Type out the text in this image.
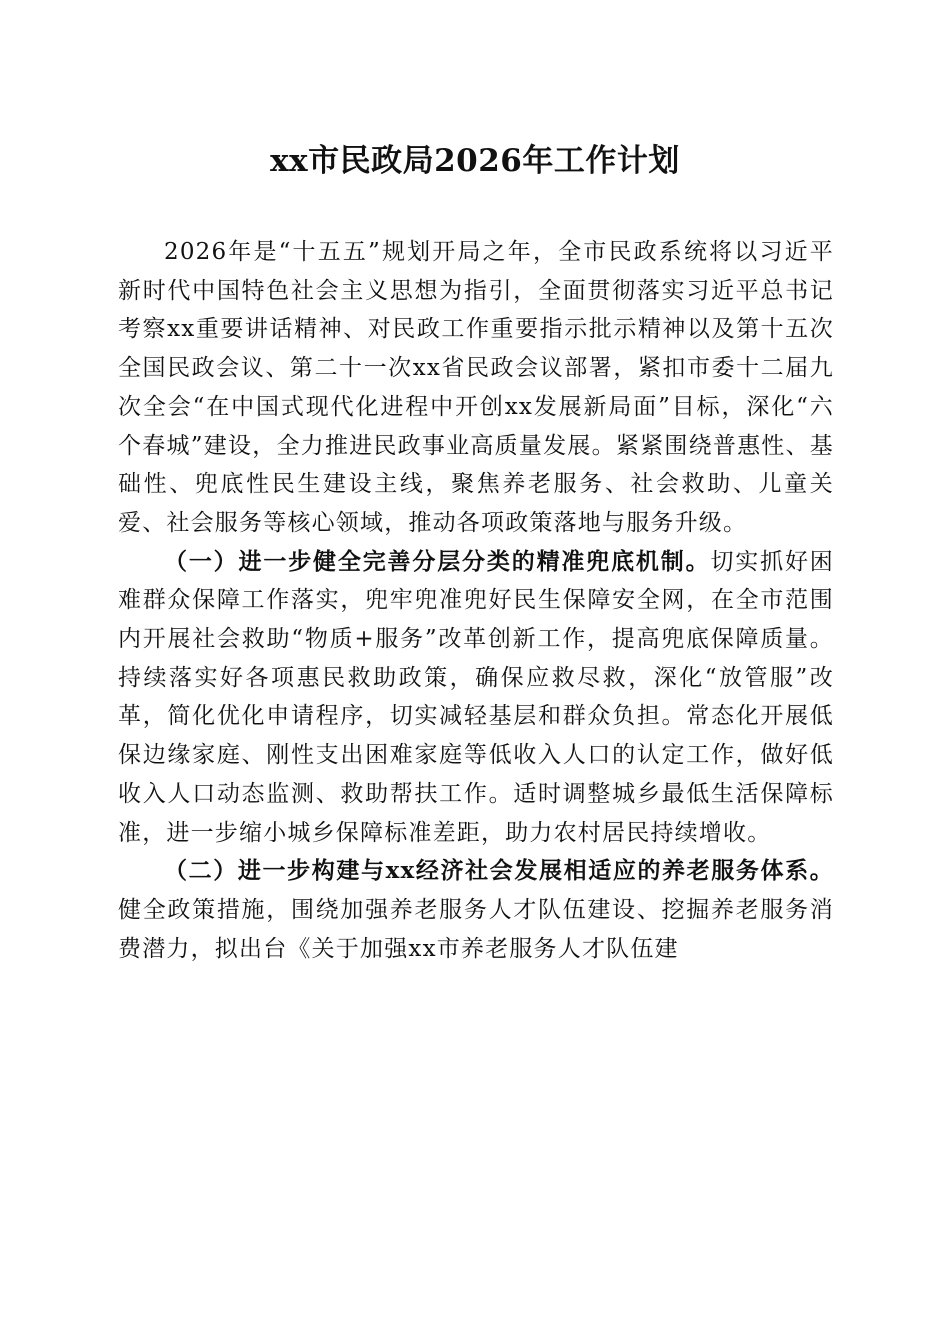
xx市民政局2026年工作计划

2026年是“十五五”规划开局之年，全市民政系统将以习近平新时代中国特色社会主义思想为指引，全面贯彻落实习近平总书记考察xx重要讲话精神、对民政工作重要指示批示精神以及第十五次全国民政会议、第二十一次xx省民政会议部署，紧扣市委十二届九次全会“在中国式现代化进程中开创xx发展新局面”目标，深化“六个春城”建设，全力推进民政事业高质量发展。紧紧围绕普惠性、基础性、兜底性民生建设主线，聚焦养老服务、社会救助、儿童关爱、社会服务等核心领域，推动各项政策落地与服务升级。

（一）进一步健全完善分层分类的精准兜底机制。切实抓好困难群众保障工作落实，兜牢兜准兜好民生保障安全网，在全市范围内开展社会救助“物质+服务”改革创新工作，提高兜底保障质量。持续落实好各项惠民救助政策，确保应救尽救，深化“放管服”改革，简化优化申请程序，切实减轻基层和群众负担。常态化开展低保边缘家庭、刚性支出困难家庭等低收入人口的认定工作，做好低收入人口动态监测、救助帮扶工作。适时调整城乡最低生活保障标准，进一步缩小城乡保障标准差距，助力农村居民持续增收。

（二）进一步构建与xx经济社会发展相适应的养老服务体系。健全政策措施，围绕加强养老服务人才队伍建设、挖掘养老服务消费潜力，拟出台《关于加强xx市养老服务人才队伍建
